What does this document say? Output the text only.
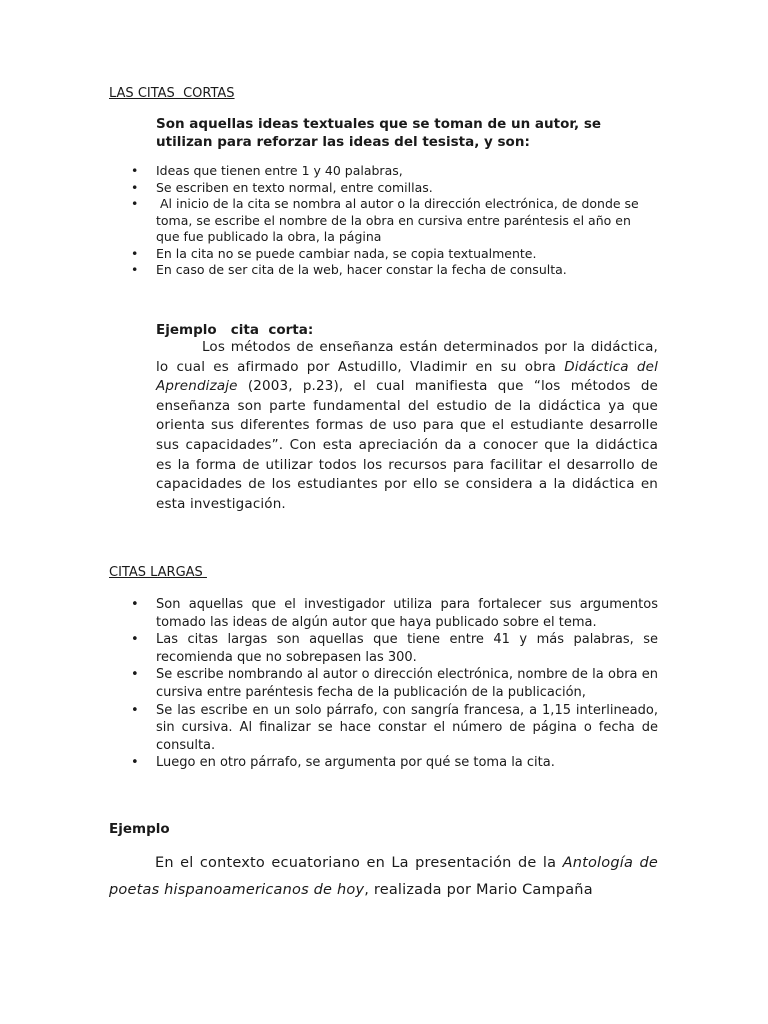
LAS CITAS  CORTAS
Son aquellas ideas textuales que se toman de un autor, se utilizan para reforzar las ideas del tesista, y son:
• Ideas que tienen entre 1 y 40 palabras,
• Se escriben en texto normal, entre comillas.
• Al inicio de la cita se nombra al autor o la dirección electrónica, de donde se toma, se escribe el nombre de la obra en cursiva entre paréntesis el año en que fue publicado la obra, la página
• En la cita no se puede cambiar nada, se copia textualmente.
• En caso de ser cita de la web, hacer constar la fecha de consulta.
Ejemplo   cita  corta:
Los métodos de enseñanza están determinados por la didáctica, lo cual es afirmado por Astudillo, Vladimir en su obra Didáctica del Aprendizaje (2003, p.23), el cual manifiesta que “los métodos de enseñanza son parte fundamental del estudio de la didáctica ya que orienta sus diferentes formas de uso para que el estudiante desarrolle sus capacidades”. Con esta apreciación da a conocer que la didáctica es la forma de utilizar todos los recursos para facilitar el desarrollo de capacidades de los estudiantes por ello se considera a la didáctica en esta investigación.
CITAS LARGAS
• Son aquellas que el investigador utiliza para fortalecer sus argumentos tomado las ideas de algún autor que haya publicado sobre el tema.
• Las citas largas son aquellas que tiene entre 41 y más palabras, se recomienda que no sobrepasen las 300.
• Se escribe nombrando al autor o dirección electrónica, nombre de la obra en cursiva entre paréntesis fecha de la publicación de la publicación,
• Se las escribe en un solo párrafo, con sangría francesa, a 1,15 interlineado, sin cursiva. Al finalizar se hace constar el número de página o fecha de consulta.
• Luego en otro párrafo, se argumenta por qué se toma la cita.
Ejemplo
En el contexto ecuatoriano en La presentación de la Antología de poetas hispanoamericanos de hoy, realizada por Mario Campaña
